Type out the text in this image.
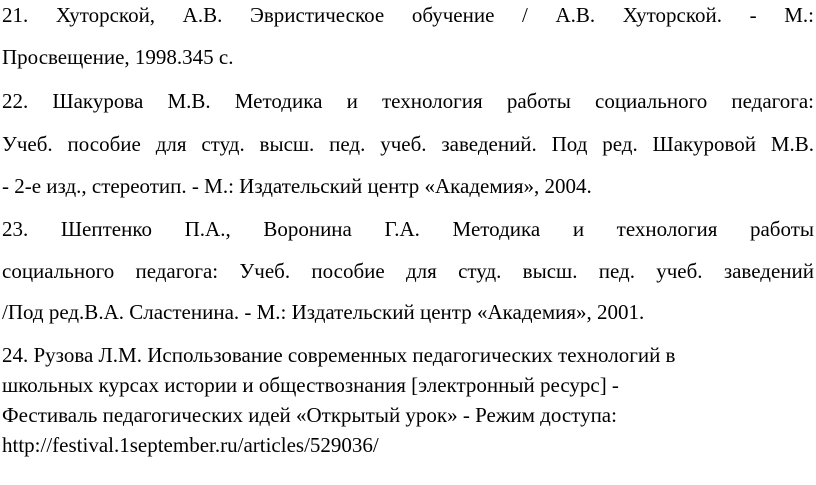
21. Хуторской, А.В. Эвристическое обучение / А.В. Хуторской. - М.:
Просвещение, 1998.345 с.
22. Шакурова М.В. Методика и технология работы социального педагога:
Учеб. пособие для студ. высш. пед. учеб. заведений. Под ред. Шакуровой М.В.
- 2-е изд., стереотип. - М.: Издательский центр «Академия», 2004.
23. Шептенко П.А., Воронина Г.А. Методика и технология работы
социального педагога: Учеб. пособие для студ. высш. пед. учеб. заведений
/Под ред.В.А. Сластенина. - М.: Издательский центр «Академия», 2001.
24. Рузова Л.М. Использование современных педагогических технологий в
школьных курсах истории и обществознания [электронный ресурс] -
Фестиваль педагогических идей «Открытый урок» - Режим доступа:
http://festival.1september.ru/articles/529036/
